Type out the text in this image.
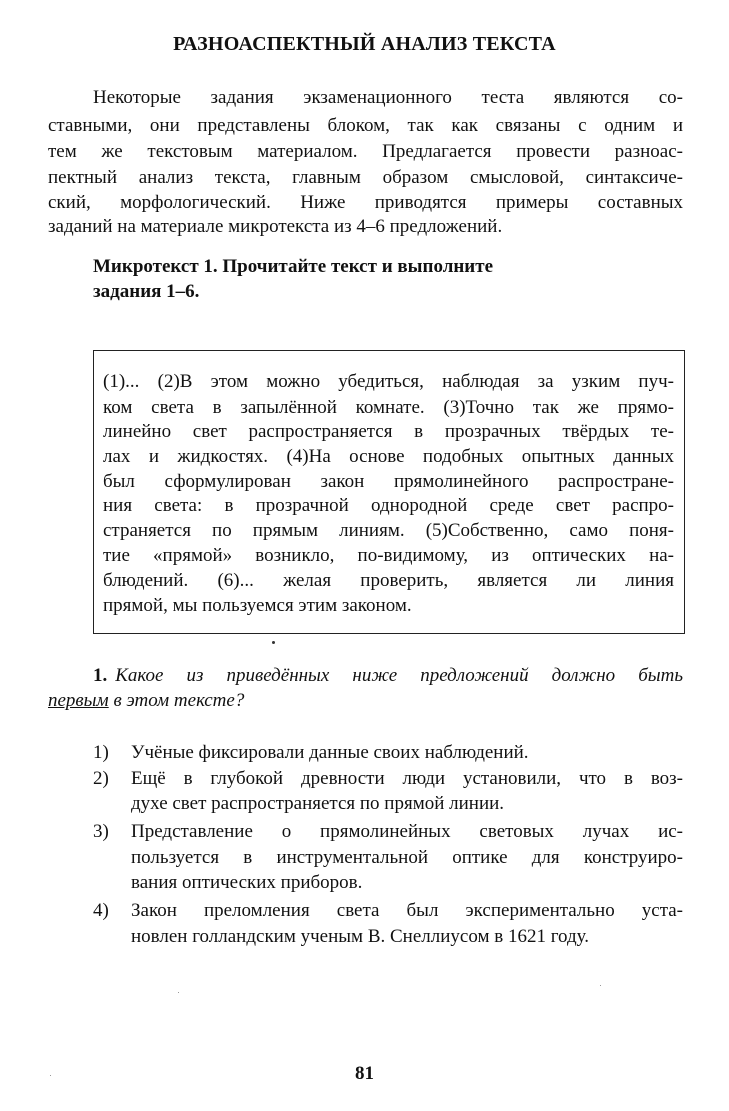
РАЗНОАСПЕКТНЫЙ АНАЛИЗ ТЕКСТА
Некоторые задания экзаменационного теста являются со-
ставными, они представлены блоком, так как связаны с одним и
тем же текстовым материалом. Предлагается провести разноас-
пектный анализ текста, главным образом смысловой, синтаксиче-
ский, морфологический. Ниже приводятся примеры составных
заданий на материале микротекста из 4–6 предложений.
Микротекст 1. Прочитайте текст и выполните
задания 1–6.
(1)... (2)В этом можно убедиться, наблюдая за узким пуч-
ком света в запылённой комнате. (3)Точно так же прямо-
линейно свет распространяется в прозрачных твёрдых те-
лах и жидкостях. (4)На основе подобных опытных данных
был сформулирован закон прямолинейного распростране-
ния света: в прозрачной однородной среде свет распро-
страняется по прямым линиям. (5)Собственно, само поня-
тие «прямой» возникло, по-видимому, из оптических на-
блюдений. (6)... желая проверить, является ли линия
прямой, мы пользуемся этим законом.
1. Какое из приведённых ниже предложений должно быть
первым в этом тексте?
1) Учёные фиксировали данные своих наблюдений.
2) Ещё в глубокой древности люди установили, что в воз-
духе свет распространяется по прямой линии.
3) Представление о прямолинейных световых лучах ис-
пользуется в инструментальной оптике для конструиро-
вания оптических приборов.
4) Закон преломления света был экспериментально уста-
новлен голландским ученым В. Снеллиусом в 1621 году.
81
